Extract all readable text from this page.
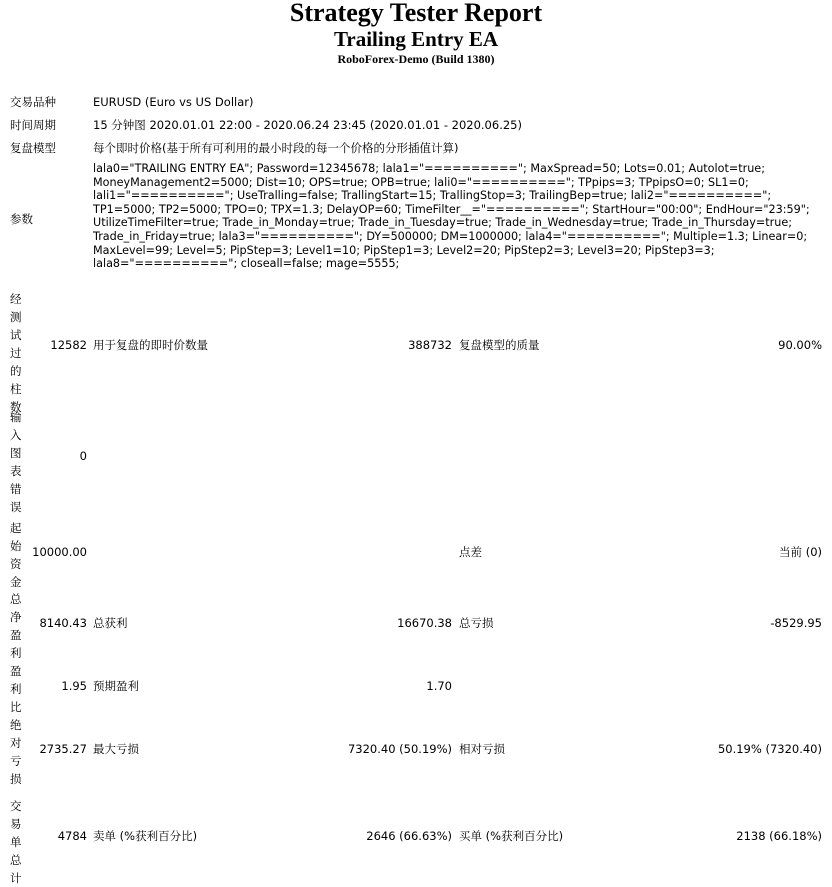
Strategy Tester Report
Trailing Entry EA
RoboForex-Demo (Build 1380)
交易品种	EURUSD (Euro vs US Dollar)
时间周期	15 分钟图 2020.01.01 22:00 - 2020.06.24 23:45 (2020.01.01 - 2020.06.25)
复盘模型	每个即时价格(基于所有可利用的最小时段的每一个价格的分形插值计算)
参数
lala0="TRAILING ENTRY EA"; Password=12345678; lala1="=========="; MaxSpread=50; Lots=0.01; Autolot=true; MoneyManagement2=5000; Dist=10; OPS=true; OPB=true; lali0="=========="; TPpips=3; TPpipsO=0; SL1=0; lali1="=========="; UseTralling=false; TrallingStart=15; TrallingStop=3; TrailingBep=true; lali2="=========="; TP1=5000; TP2=5000; TPO=0; TPX=1.3; DelayOP=60; TimeFilter__="=========="; StartHour="00:00"; EndHour="23:59"; UtilizeTimeFilter=true; Trade_in_Monday=true; Trade_in_Tuesday=true; Trade_in_Wednesday=true; Trade_in_Thursday=true; Trade_in_Friday=true; lala3="=========="; DY=500000; DM=1000000; lala4="=========="; Multiple=1.3; Linear=0; MaxLevel=99; Level=5; PipStep=3; Level1=10; PipStep1=3; Level2=20; PipStep2=3; Level3=20; PipStep3=3; lala8="=========="; closeall=false; mage=5555;
经测试过的柱数
12582 用于复盘的即时价数量	388732 复盘模型的质量	90.00%
输入图表错误
0
起始资金
10000.00	点差	当前 (0)
总净盈利
8140.43 总获利	16670.38 总亏损	-8529.95
盈利比
1.95 预期盈利	1.70
绝对亏损
2735.27 最大亏损	7320.40 (50.19%) 相对亏损	50.19% (7320.40)
交易单总计
4784 卖单 (%获利百分比)	2646 (66.63%) 买单 (%获利百分比)	2138 (66.18%)
